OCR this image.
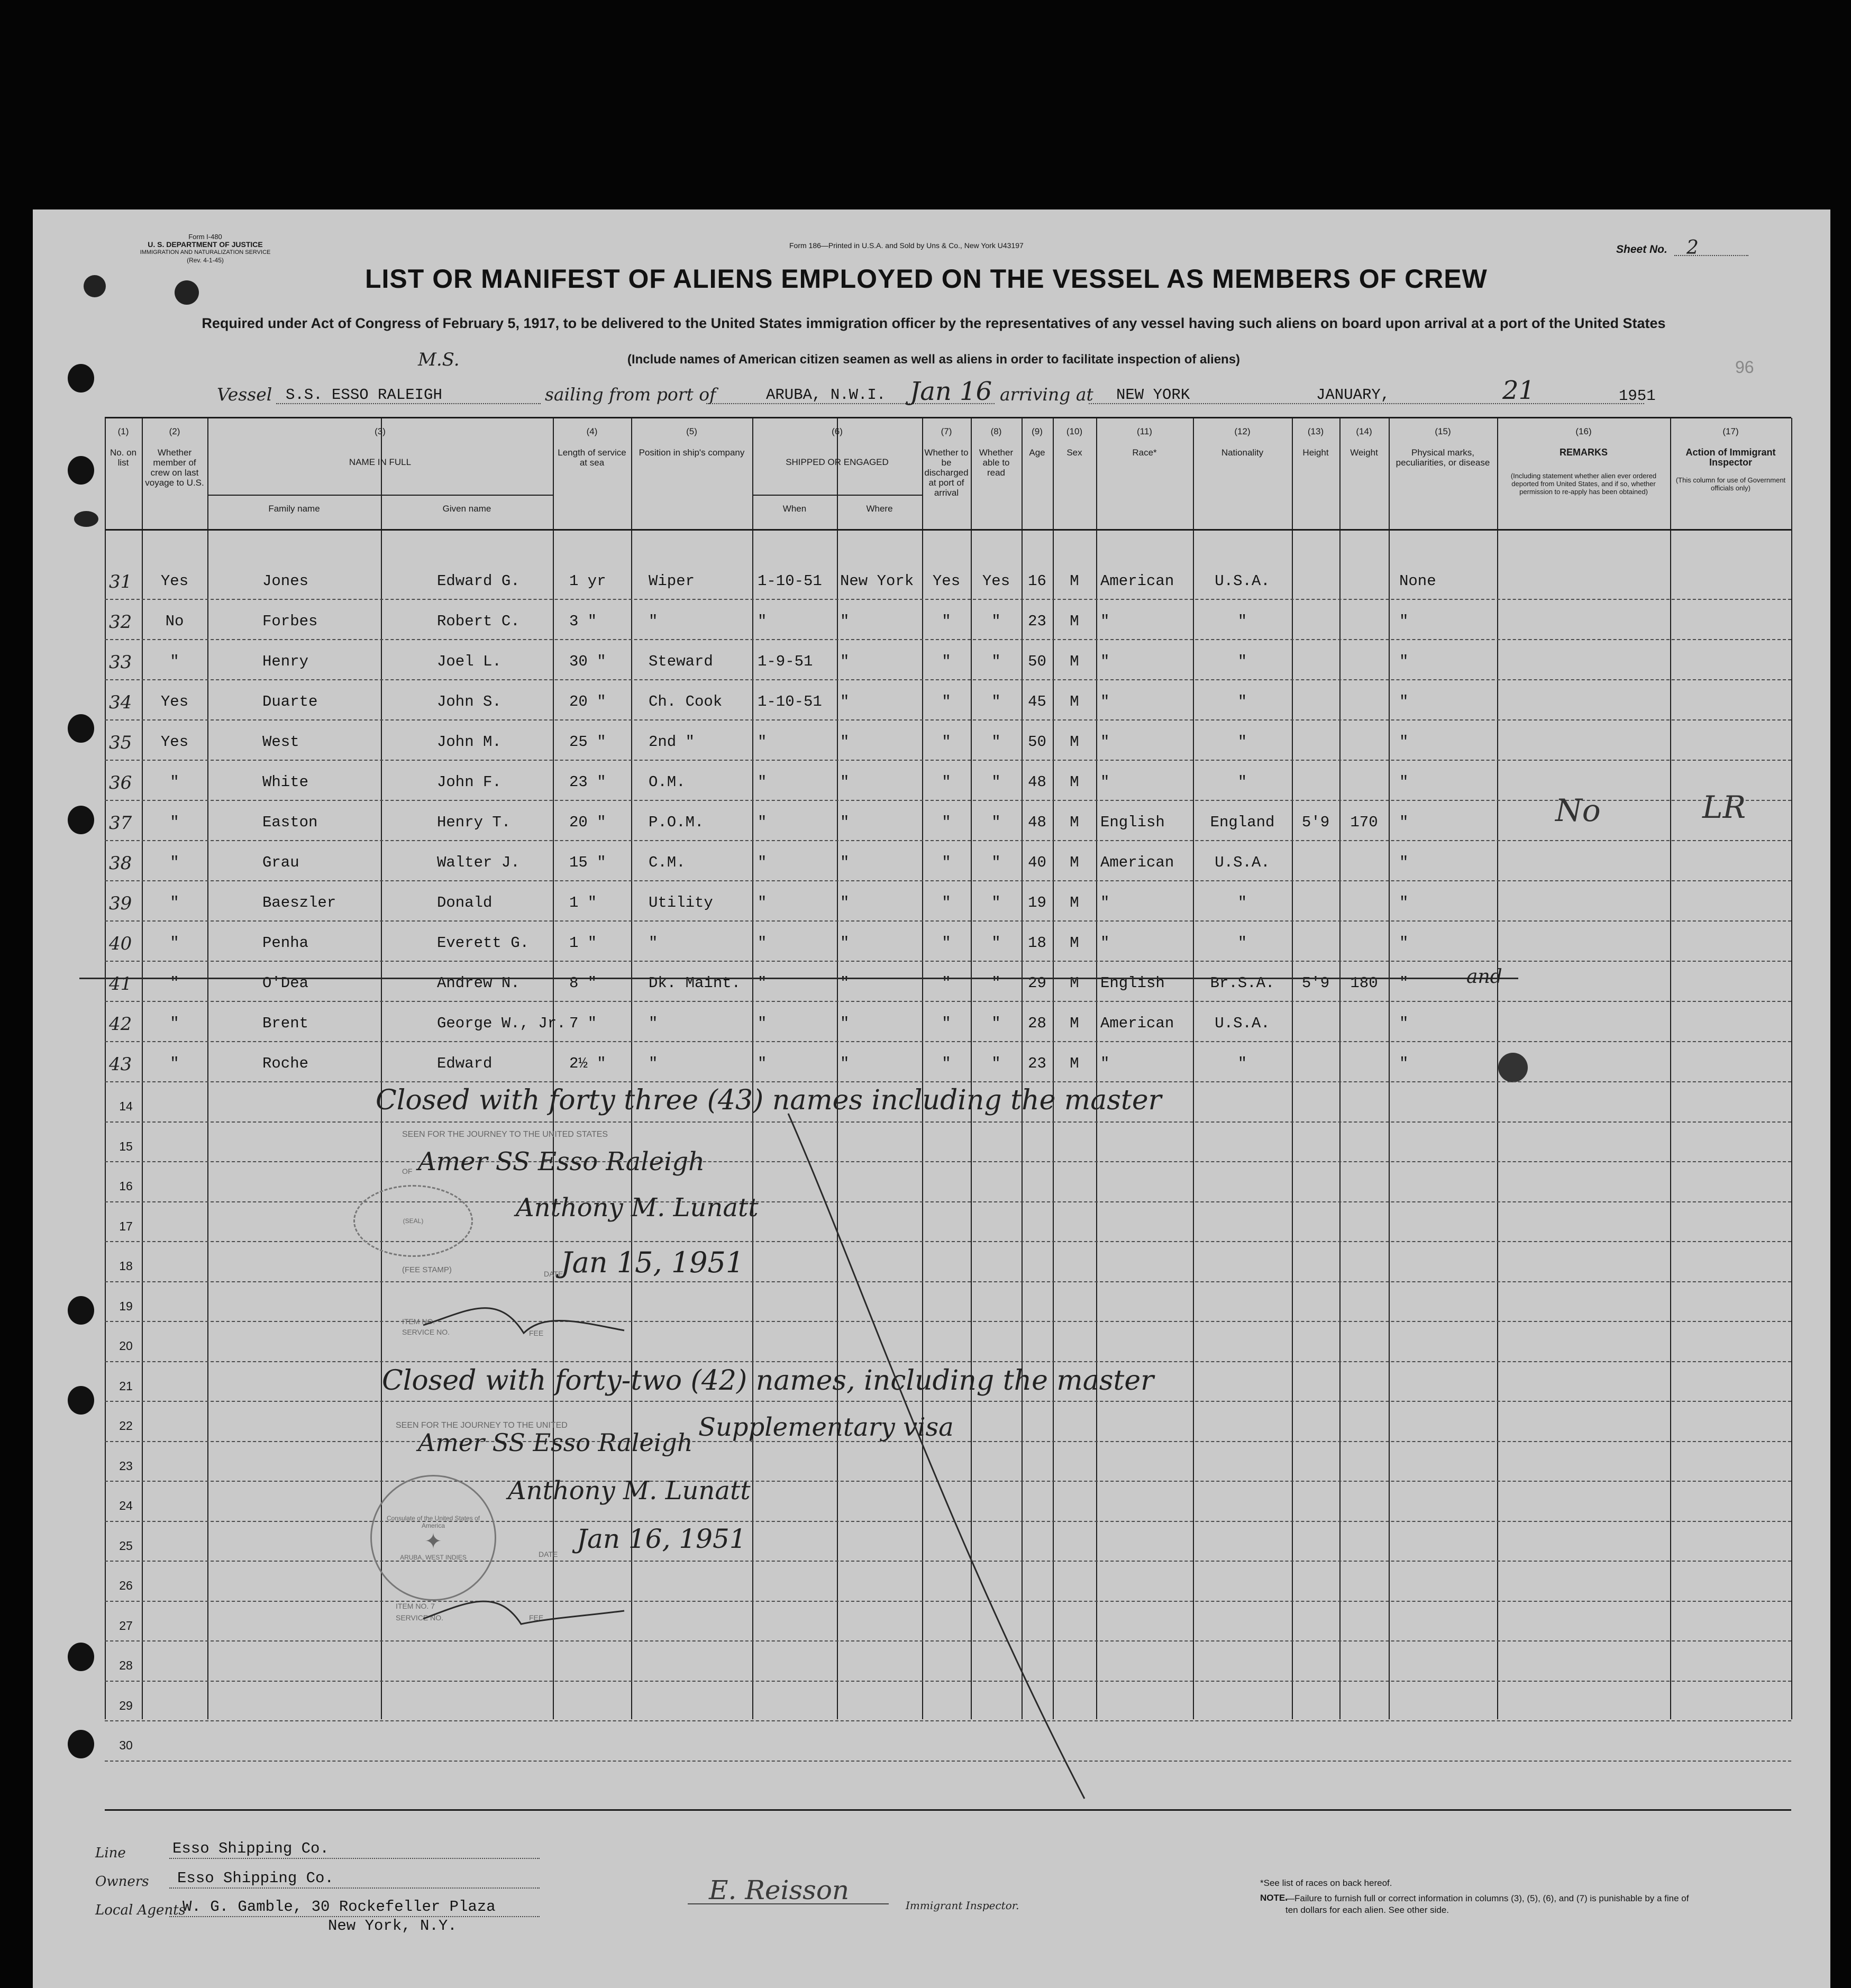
Form I-480
U. S. DEPARTMENT OF JUSTICE
IMMIGRATION AND NATURALIZATION SERVICE
(Rev. 4-1-45)
Form 186—Printed in U.S.A. and Sold by Uns & Co., New York U43197	Sheet No. 2
LIST OR MANIFEST OF ALIENS EMPLOYED ON THE VESSEL AS MEMBERS OF CREW
Required under Act of Congress of February 5, 1917, to be delivered to the United States immigration officer by the representatives of any vessel having such aliens on board upon arrival at a port of the United States
(Include names of American citizen seamen as well as aliens in order to facilitate inspection of aliens)	96
Vessel S.S. ESSO RALEIGH
M.S.
sailing from port of	ARUBA, N.W.I. Jan 16 arriving at NEW YORK	JANUARY,	21	1951
(1)
No. on list
(2)
Whether member of crew on last voyage to U.S.
(3)
NAME IN FULL
Family name	Given name
(4)
Length of service at sea
(5)
Position in ship's company
(6)
SHIPPED OR ENGAGED
When	Where
(7)
Whether to be discharged at port of arrival
(8)
Whether able to read
(9)
Age
(10)
Sex
(11)
Race*
(12)
Nationality
(13)
Height
(14)
Weight
(15)
Physical marks, peculiarities, or disease
(16)
REMARKS
(Including statement whether alien ever ordered deported from United States, and if so, whether permission to re-apply has been obtained)
(17)
Action of Immigrant Inspector
(This column for use of Government officials only)
31	Yes	Jones	Edward G.	1 yr	Wiper	1-10-51 New York	Yes	Yes	16	M	American	U.S.A.	None
32	No	Forbes	Robert C.	3 "	"	"	"	"	"	23	M	"	"	"
33	"	Henry	Joel L.	30 "	Steward	1-9-51 "	"	"	50	M	"	"	"
34	Yes	Duarte	John S.	20 "	Ch. Cook 1-10-51 "	"	"	45	M	"	"	"
35	Yes	West	John M.	25 "	2nd "	"	"	"	"	50	M	"	"	"
36	"	White	John F.	23 "	O.M.	"	"	"	"	48	M	"	"	"
37	"	Easton	Henry T.	20 "	P.O.M.	"	"	"	"	48	M	English	England	5'9	170	"
38	"	Grau	Walter J.	15 "	C.M.	"	"	"	"	40	M	American	U.S.A.	"
39	"	Baeszler	Donald	1 "	Utility	"	"	"	"	19	M	"	"	"
40	"	Penha	Everett G.	1 "	"	"	"	"	"	18	M	"	"	"
41	"	O'Dea	Andrew N.	8 "	Dk. Maint. "	"	"	"	29	M	English	Br.S.A.	5'9	180	"
42	"	Brent	George W., Jr. 7 "	"	"	"	"	"	28	M	American	U.S.A.	"
43	"	Roche	Edward	2½ "	"	"	"	"	"	23	M	"	"	"
14
15
16
17
18
19
20
21
22
23
24
25
26
27
28
29
30
No	LR
and
Closed with forty three (43) names including the master
SEEN FOR THE JOURNEY TO THE UNITED STATES
OF Amer SS Esso Raleigh
Anthony M. Lunatt
(SEAL)
(FEE STAMP)	DATE
Jan 15, 1951
ITEM NO.
SERVICE NO.	FEE
Closed with forty-two (42) names, including the master
SEEN FOR THE JOURNEY TO THE UNITED
Amer SS Esso Raleigh
Supplementary visa
Anthony M. Lunatt
Consulate of the United States of America
✦
ARUBA, WEST INDIES	DATE Jan 16, 1951
ITEM NO. 7
SERVICE NO.	FEE
Line	Esso Shipping Co.
Owners Esso Shipping Co.
Local Agents
W. G. Gamble, 30 Rockefeller Plaza
New York, N.Y.
E. Reisson	Immigrant Inspector.
*See list of races on back hereof.
NOTE.
—Failure to furnish full or correct information in columns (3), (5), (6), and (7) is punishable by a fine of ten dollars for each alien. See other side.
